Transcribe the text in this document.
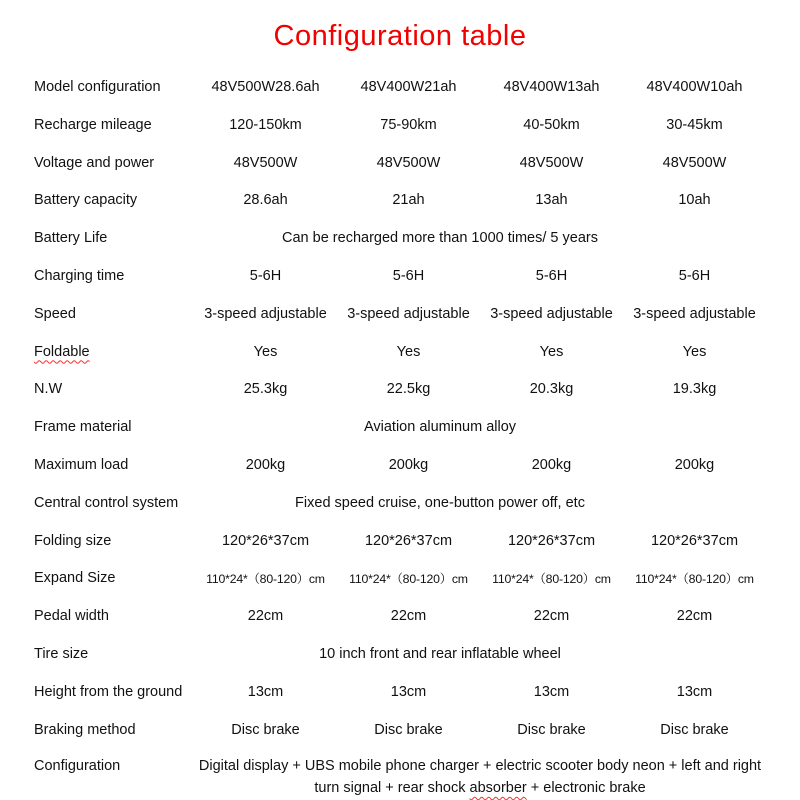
Configuration table
Model configuration	48V500W28.6ah	48V400W21ah	48V400W13ah	48V400W10ah
Recharge mileage	120-150km	75-90km	40-50km	30-45km
Voltage and power	48V500W	48V500W	48V500W	48V500W
Battery capacity	28.6ah	21ah	13ah	10ah
Battery Life	Can be recharged more than 1000 times/ 5 years
Charging time	5-6H	5-6H	5-6H	5-6H
Speed	3-speed adjustable	3-speed adjustable	3-speed adjustable	3-speed adjustable
Foldable	Yes	Yes	Yes	Yes
N.W	25.3kg	22.5kg	20.3kg	19.3kg
Frame material	Aviation aluminum alloy
Maximum load	200kg	200kg	200kg	200kg
Central control system	Fixed speed cruise, one-button power off, etc
Folding size	120*26*37cm	120*26*37cm	120*26*37cm	120*26*37cm
Expand Size	110*24*（80-120）cm	110*24*（80-120）cm	110*24*（80-120）cm	110*24*（80-120）cm
Pedal width	22cm	22cm	22cm	22cm
Tire size	10 inch front and rear inflatable wheel
Height from the ground	13cm	13cm	13cm	13cm
Braking method	Disc brake	Disc brake	Disc brake	Disc brake
Configuration	Digital display + UBS mobile phone charger + electric scooter body neon + left and right turn signal + rear shock absorber + electronic brake
